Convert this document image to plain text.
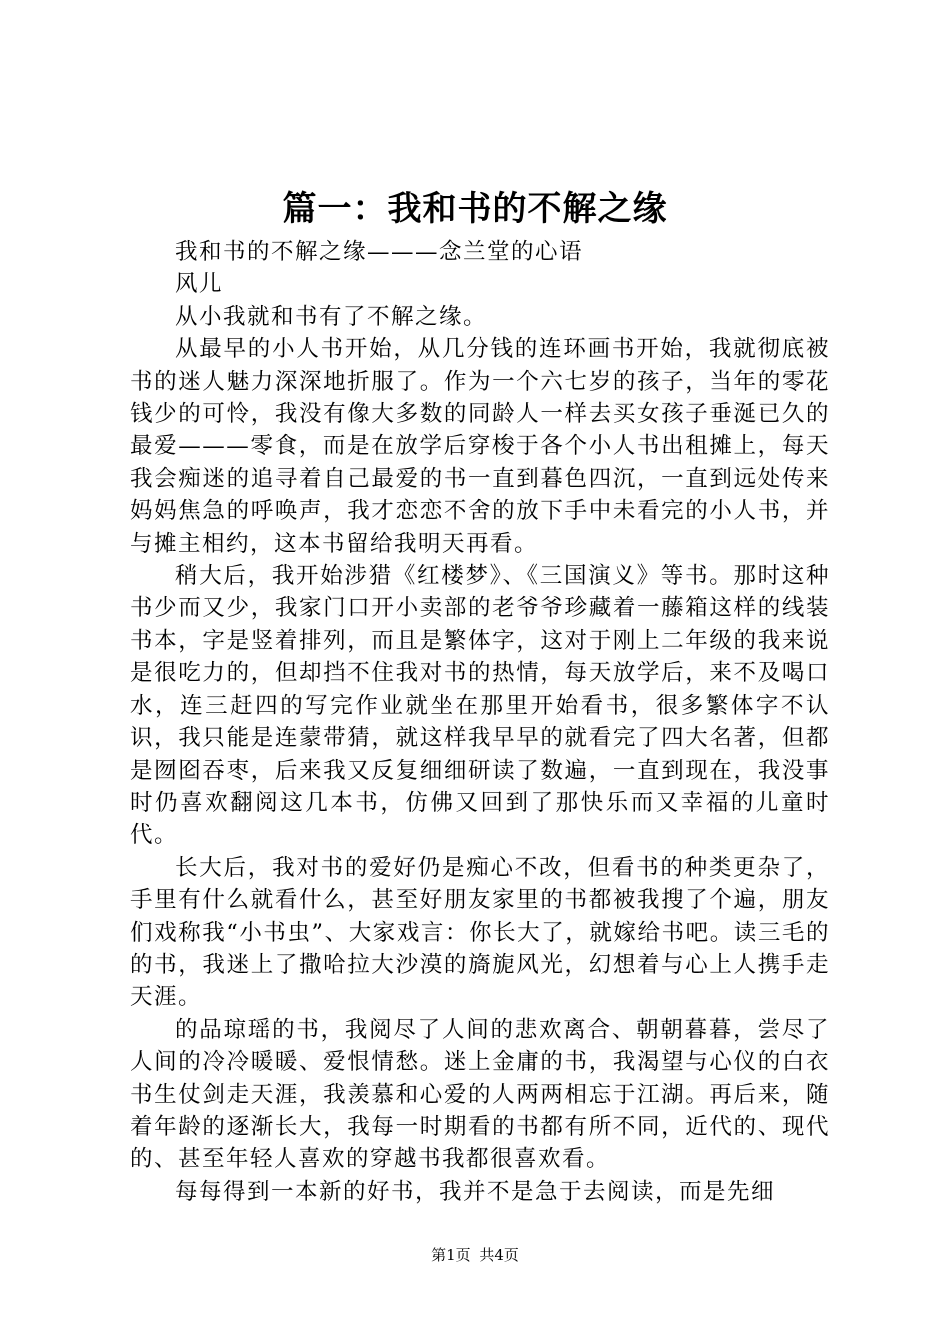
篇一：我和书的不解之缘

我和书的不解之缘———念兰堂的心语

风儿

从小我就和书有了不解之缘。

从最早的小人书开始，从几分钱的连环画书开始，我就彻底被书的迷人魅力深深地折服了。作为一个六七岁的孩子，当年的零花钱少的可怜，我没有像大多数的同龄人一样去买女孩子垂涎已久的最爱———零食，而是在放学后穿梭于各个小人书出租摊上，每天我会痴迷的追寻着自己最爱的书一直到暮色四沉，一直到远处传来妈妈焦急的呼唤声，我才恋恋不舍的放下手中未看完的小人书，并与摊主相约，这本书留给我明天再看。

稍大后，我开始涉猎《红楼梦》、《三国演义》等书。那时这种书少而又少，我家门口开小卖部的老爷爷珍藏着一藤箱这样的线装书本，字是竖着排列，而且是繁体字，这对于刚上二年级的我来说是很吃力的，但却挡不住我对书的热情，每天放学后，来不及喝口水，连三赶四的写完作业就坐在那里开始看书，很多繁体字不认识，我只能是连蒙带猜，就这样我早早的就看完了四大名著，但都是囫囵吞枣，后来我又反复细细研读了数遍，一直到现在，我没事时仍喜欢翻阅这几本书，仿佛又回到了那快乐而又幸福的儿童时代。

长大后，我对书的爱好仍是痴心不改，但看书的种类更杂了，手里有什么就看什么，甚至好朋友家里的书都被我搜了个遍，朋友们戏称我“小书虫”、大家戏言：你长大了，就嫁给书吧。读三毛的的书，我迷上了撒哈拉大沙漠的旖旎风光，幻想着与心上人携手走天涯。

的品琼瑶的书，我阅尽了人间的悲欢离合、朝朝暮暮，尝尽了人间的冷冷暖暖、爱恨情愁。迷上金庸的书，我渴望与心仪的白衣书生仗剑走天涯，我羡慕和心爱的人两两相忘于江湖。再后来，随着年龄的逐渐长大，我每一时期看的书都有所不同，近代的、现代的、甚至年轻人喜欢的穿越书我都很喜欢看。

每每得到一本新的好书，我并不是急于去阅读，而是先细

第1页 共4页
